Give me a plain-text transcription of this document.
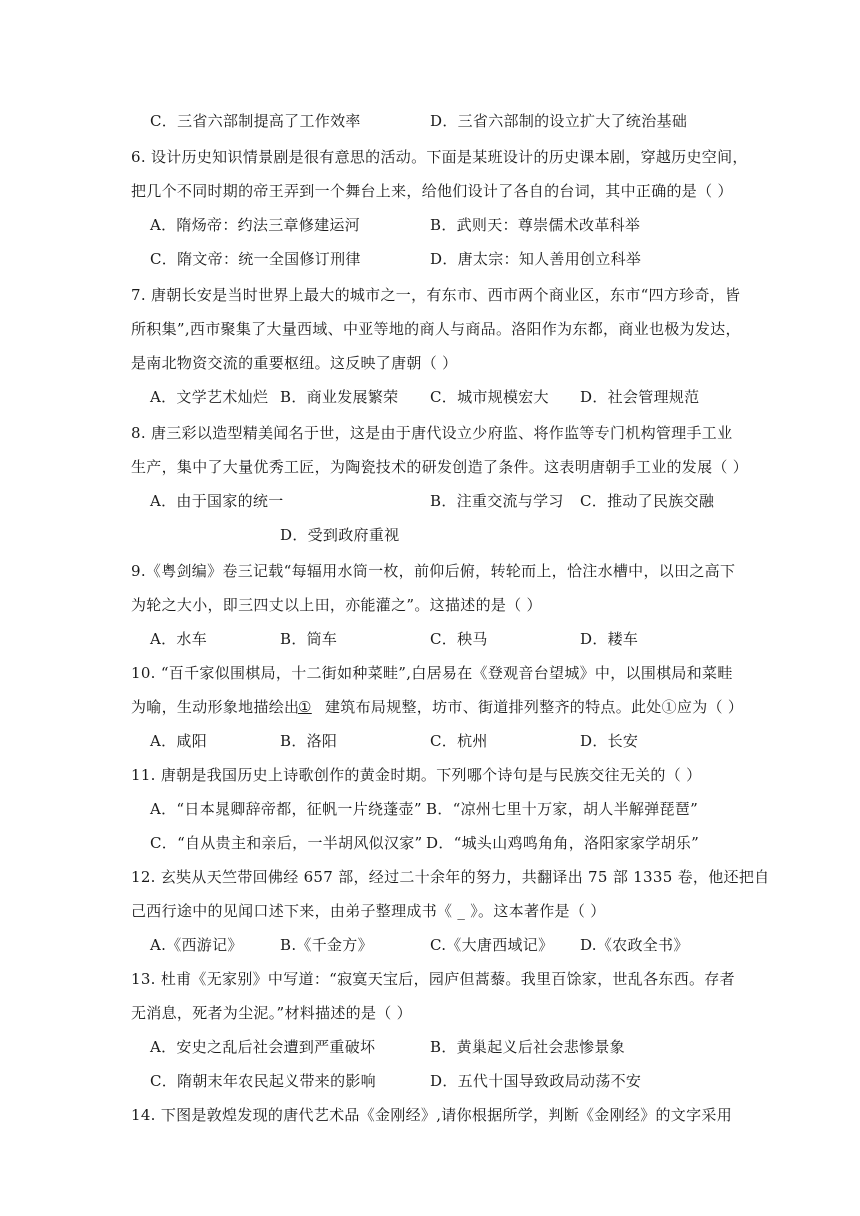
C．三省六部制提高了工作效率	D．三省六部制的设立扩大了统治基础
6. 设计历史知识情景剧是很有意思的活动。下面是某班设计的历史课本剧，穿越历史空间，
把几个不同时期的帝王弄到一个舞台上来，给他们设计了各自的台词，其中正确的是（ ）
A．隋炀帝：约法三章修建运河	B．武则天：尊崇儒术改革科举
C．隋文帝：统一全国修订刑律	D．唐太宗：知人善用创立科举
7. 唐朝长安是当时世界上最大的城市之一，有东市、西市两个商业区，东市“四方珍奇，皆
所积集”,西市聚集了大量西域、中亚等地的商人与商品。洛阳作为东都，商业也极为发达，
是南北物资交流的重要枢纽。这反映了唐朝（ ）
A．文学艺术灿烂 B．商业发展繁荣 C．城市规模宏大 D．社会管理规范
8. 唐三彩以造型精美闻名于世，这是由于唐代设立少府监、将作监等专门机构管理手工业
生产，集中了大量优秀工匠，为陶瓷技术的研发创造了条件。这表明唐朝手工业的发展（ ）
A．由于国家的统一	B．注重交流与学习 C．推动了民族交融
D．受到政府重视
9.《粤剑编》卷三记载“每辐用水筒一枚，前仰后俯，转轮而上，恰注水槽中，以田之高下
为轮之大小，即三四丈以上田，亦能灌之”。这描述的是（ ）
A．水车	B．筒车	C．秧马	D．耧车
10. “百千家似围棋局，十二街如种菜畦”,白居易在《登观音台望城》中，以围棋局和菜畦
为喻，生动形象地描绘出
① 建筑布局规整，坊市、街道排列整齐的特点。此处①应为（ ）
A．咸阳	B．洛阳	C．杭州	D．长安
11. 唐朝是我国历史上诗歌创作的黄金时期。下列哪个诗句是与民族交往无关的（ ）
A．“日本晁卿辞帝都，征帆一片绕蓬壶” B．“凉州七里十万家，胡人半解弹琵琶”
C．“自从贵主和亲后，一半胡风似汉家” D．“城头山鸡鸣角角，洛阳家家学胡乐”
12. 玄奘从天竺带回佛经 657 部，经过二十余年的努力，共翻译出 75 部 1335 卷，他还把自
己西行途中的见闻口述下来，由弟子整理成书《 _ 》。这本著作是（ ）
A.《西游记》 B.《千金方》	C.《大唐西域记》 D.《农政全书》
13. 杜甫《无家别》中写道：“寂寞天宝后，园庐但蒿藜。我里百馀家，世乱各东西。存者
无消息，死者为尘泥。”材料描述的是（ ）
A．安史之乱后社会遭到严重破坏	B．黄巢起义后社会悲惨景象
C．隋朝末年农民起义带来的影响	D．五代十国导致政局动荡不安
14. 下图是敦煌发现的唐代艺术品《金刚经》,请你根据所学，判断《金刚经》的文字采用
